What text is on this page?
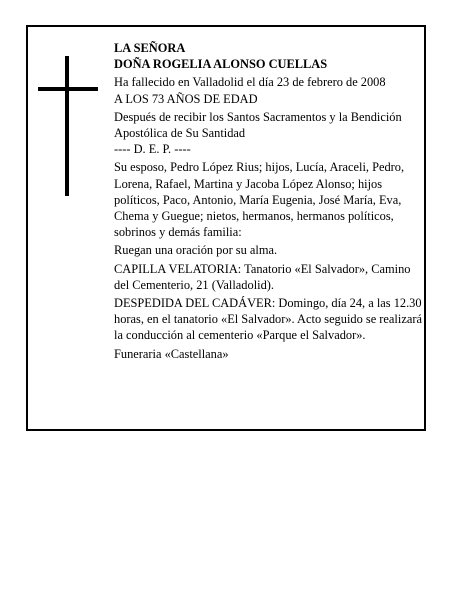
LA SEÑORA

DOÑA ROGELIA ALONSO CUELLAS

Ha fallecido en Valladolid el día 23 de febrero de 2008

A LOS 73 AÑOS DE EDAD

Después de recibir los Santos Sacramentos y la Bendición Apostólica de Su Santidad

---- D. E. P. ----

Su esposo, Pedro López Rius; hijos, Lucía, Araceli, Pedro, Lorena, Rafael, Martina y Jacoba López Alonso; hijos políticos, Paco, Antonio, María Eugenia, José María, Eva, Chema y Guegue; nietos, hermanos, hermanos políticos, sobrinos y demás familia:

Ruegan una oración por su alma.

CAPILLA VELATORIA: Tanatorio «El Salvador», Camino del Cementerio, 21 (Valladolid).

DESPEDIDA DEL CADÁVER: Domingo, día 24, a las 12.30 horas, en el tanatorio «El Salvador». Acto seguido se realizará la conducción al cementerio «Parque el Salvador».

Funeraria «Castellana»
